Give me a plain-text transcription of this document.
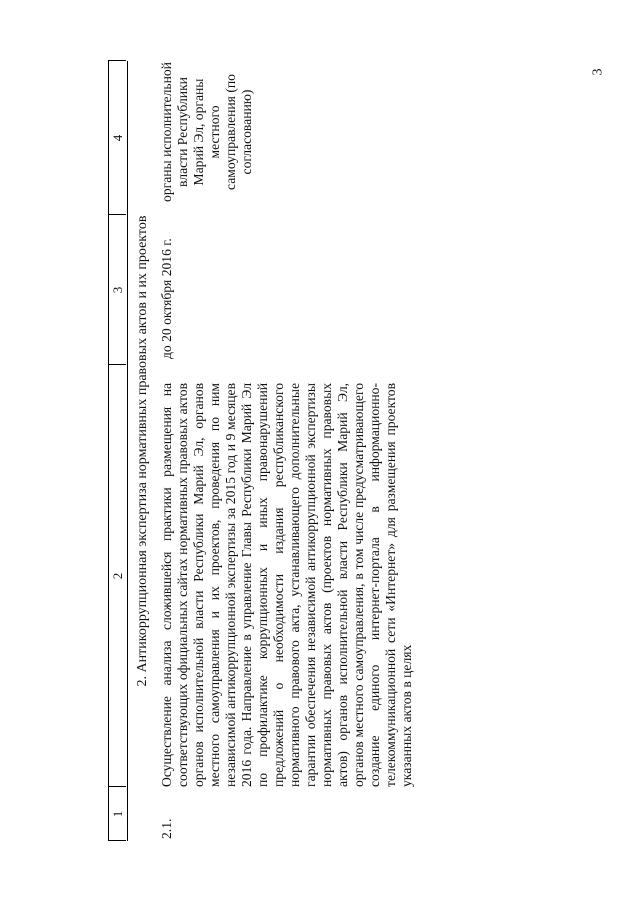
3
1
2
3
4
2. Антикоррупционная экспертиза нормативных правовых актов и их проектов
2.1.
Осуществление анализа сложившейся практики размещения на соответствующих официальных сайтах нормативных правовых актов органов исполнительной власти Республики Марий Эл, органов местного самоуправления и их проектов, проведения по ним независимой антикоррупционной экспертизы за 2015 год и 9 месяцев 2016 года. Направление в управление Главы Республики Марий Эл по профилактике коррупционных и иных правонарушений предложений о необходимости издания республиканского нормативного правового акта, устанавливающего дополнительные гарантии обеспечения независимой антикоррупционной экспертизы нормативных правовых актов (проектов нормативных правовых актов) органов исполнительной власти Республики Марий Эл, органов местного самоуправления, в том числе предусматривающего создание единого интернет-портала в информационно-телекоммуникационной сети «Интернет» для размещения проектов указанных актов в целях
до 20 октября 2016 г.
органы исполнительной власти Республики Марий Эл, органы местного самоуправления (по согласованию)
